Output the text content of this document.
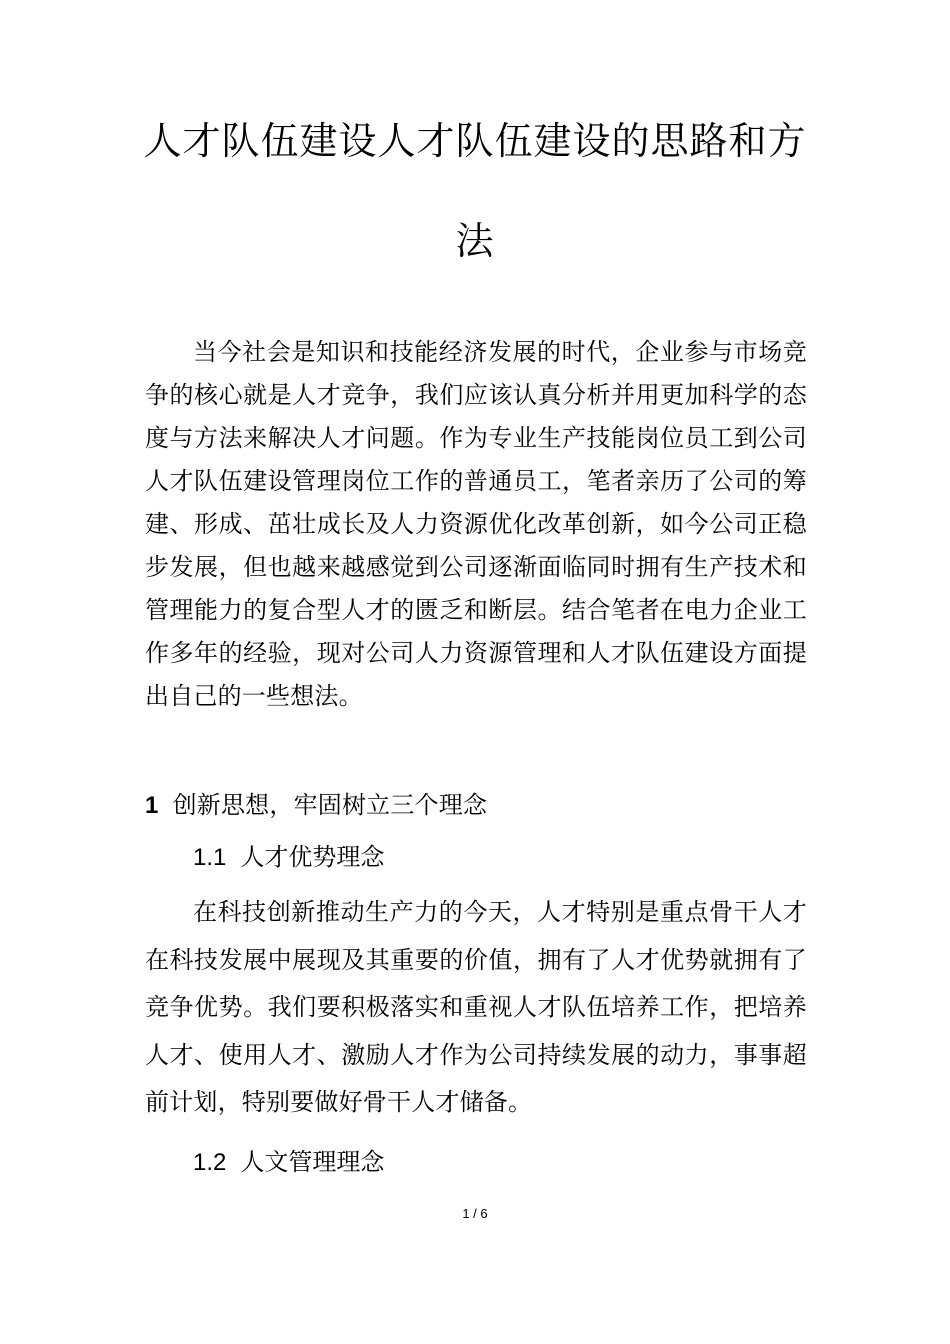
人才队伍建设人才队伍建设的思路和方
法

当今社会是知识和技能经济发展的时代，企业参与市场竞争的核心就是人才竞争，我们应该认真分析并用更加科学的态度与方法来解决人才问题。作为专业生产技能岗位员工到公司人才队伍建设管理岗位工作的普通员工，笔者亲历了公司的筹建、形成、茁壮成长及人力资源优化改革创新，如今公司正稳步发展，但也越来越感觉到公司逐渐面临同时拥有生产技术和管理能力的复合型人才的匮乏和断层。结合笔者在电力企业工作多年的经验，现对公司人力资源管理和人才队伍建设方面提出自己的一些想法。

1 创新思想，牢固树立三个理念
1.1 人才优势理念

在科技创新推动生产力的今天，人才特别是重点骨干人才在科技发展中展现及其重要的价值，拥有了人才优势就拥有了竞争优势。我们要积极落实和重视人才队伍培养工作，把培养人才、使用人才、激励人才作为公司持续发展的动力，事事超前计划，特别要做好骨干人才储备。

1.2 人文管理理念
1 / 6
